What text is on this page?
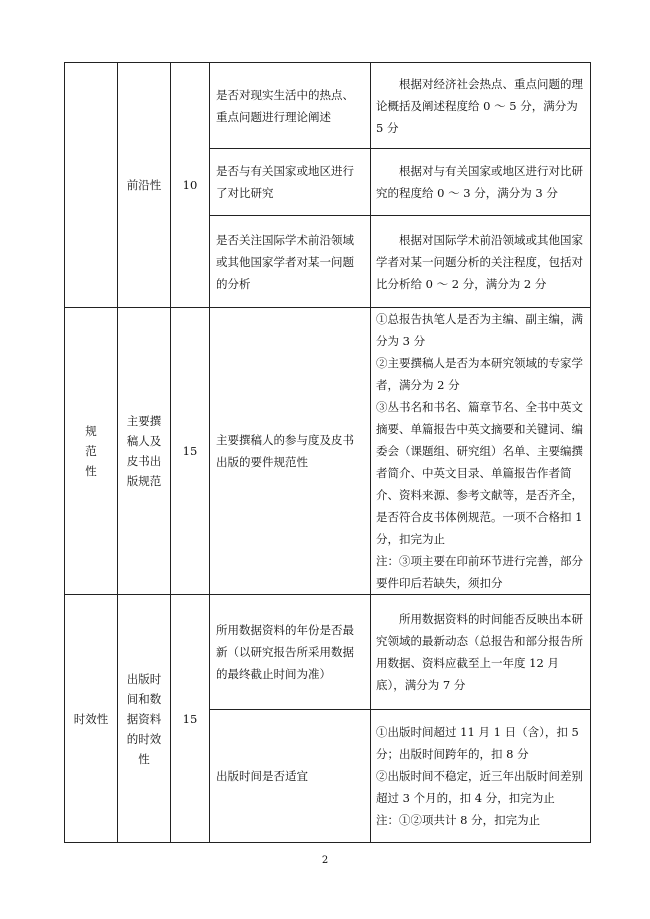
	前沿性	10	是否对现实生活中的热点、重点问题进行理论阐述	根据对经济社会热点、重点问题的理论概括及阐述程度给 0 ～ 5 分，满分为 5 分
			是否与有关国家或地区进行了对比研究	根据对与有关国家或地区进行对比研究的程度给 0 ～ 3 分，满分为 3 分
			是否关注国际学术前沿领域或其他国家学者对某一问题的分析	根据对国际学术前沿领域或其他国家学者对某一问题分析的关注程度，包括对比分析给 0 ～ 2 分，满分为 2 分

规范性	主要撰稿人及皮书出版规范	15	主要撰稿人的参与度及皮书出版的要件规范性	①总报告执笔人是否为主编、副主编，满分为 3 分

②主要撰稿人是否为本研究领域的专家学者，满分为 2 分

③丛书名和书名、篇章节名、全书中英文摘要、单篇报告中英文摘要和关键词、编委会（课题组、研究组）名单、主要编撰者简介、中英文目录、单篇报告作者简介、资料来源、参考文献等，是否齐全，是否符合皮书体例规范。一项不合格扣 1 分，扣完为止

注：③项主要在印前环节进行完善，部分要件印后若缺失，须扣分

时效性	出版时间和数据资料的时效性	15	所用数据资料的年份是否最新（以研究报告所采用数据的最终截止时间为准）	所用数据资料的时间能否反映出本研究领域的最新动态（总报告和部分报告所用数据、资料应截至上一年度 12 月底），满分为 7 分
			出版时间是否适宜	①出版时间超过 11 月 1 日（含），扣 5 分；出版时间跨年的，扣 8 分

②出版时间不稳定，近三年出版时间差别超过 3 个月的，扣 4 分，扣完为止

注：①②项共计 8 分，扣完为止

2
